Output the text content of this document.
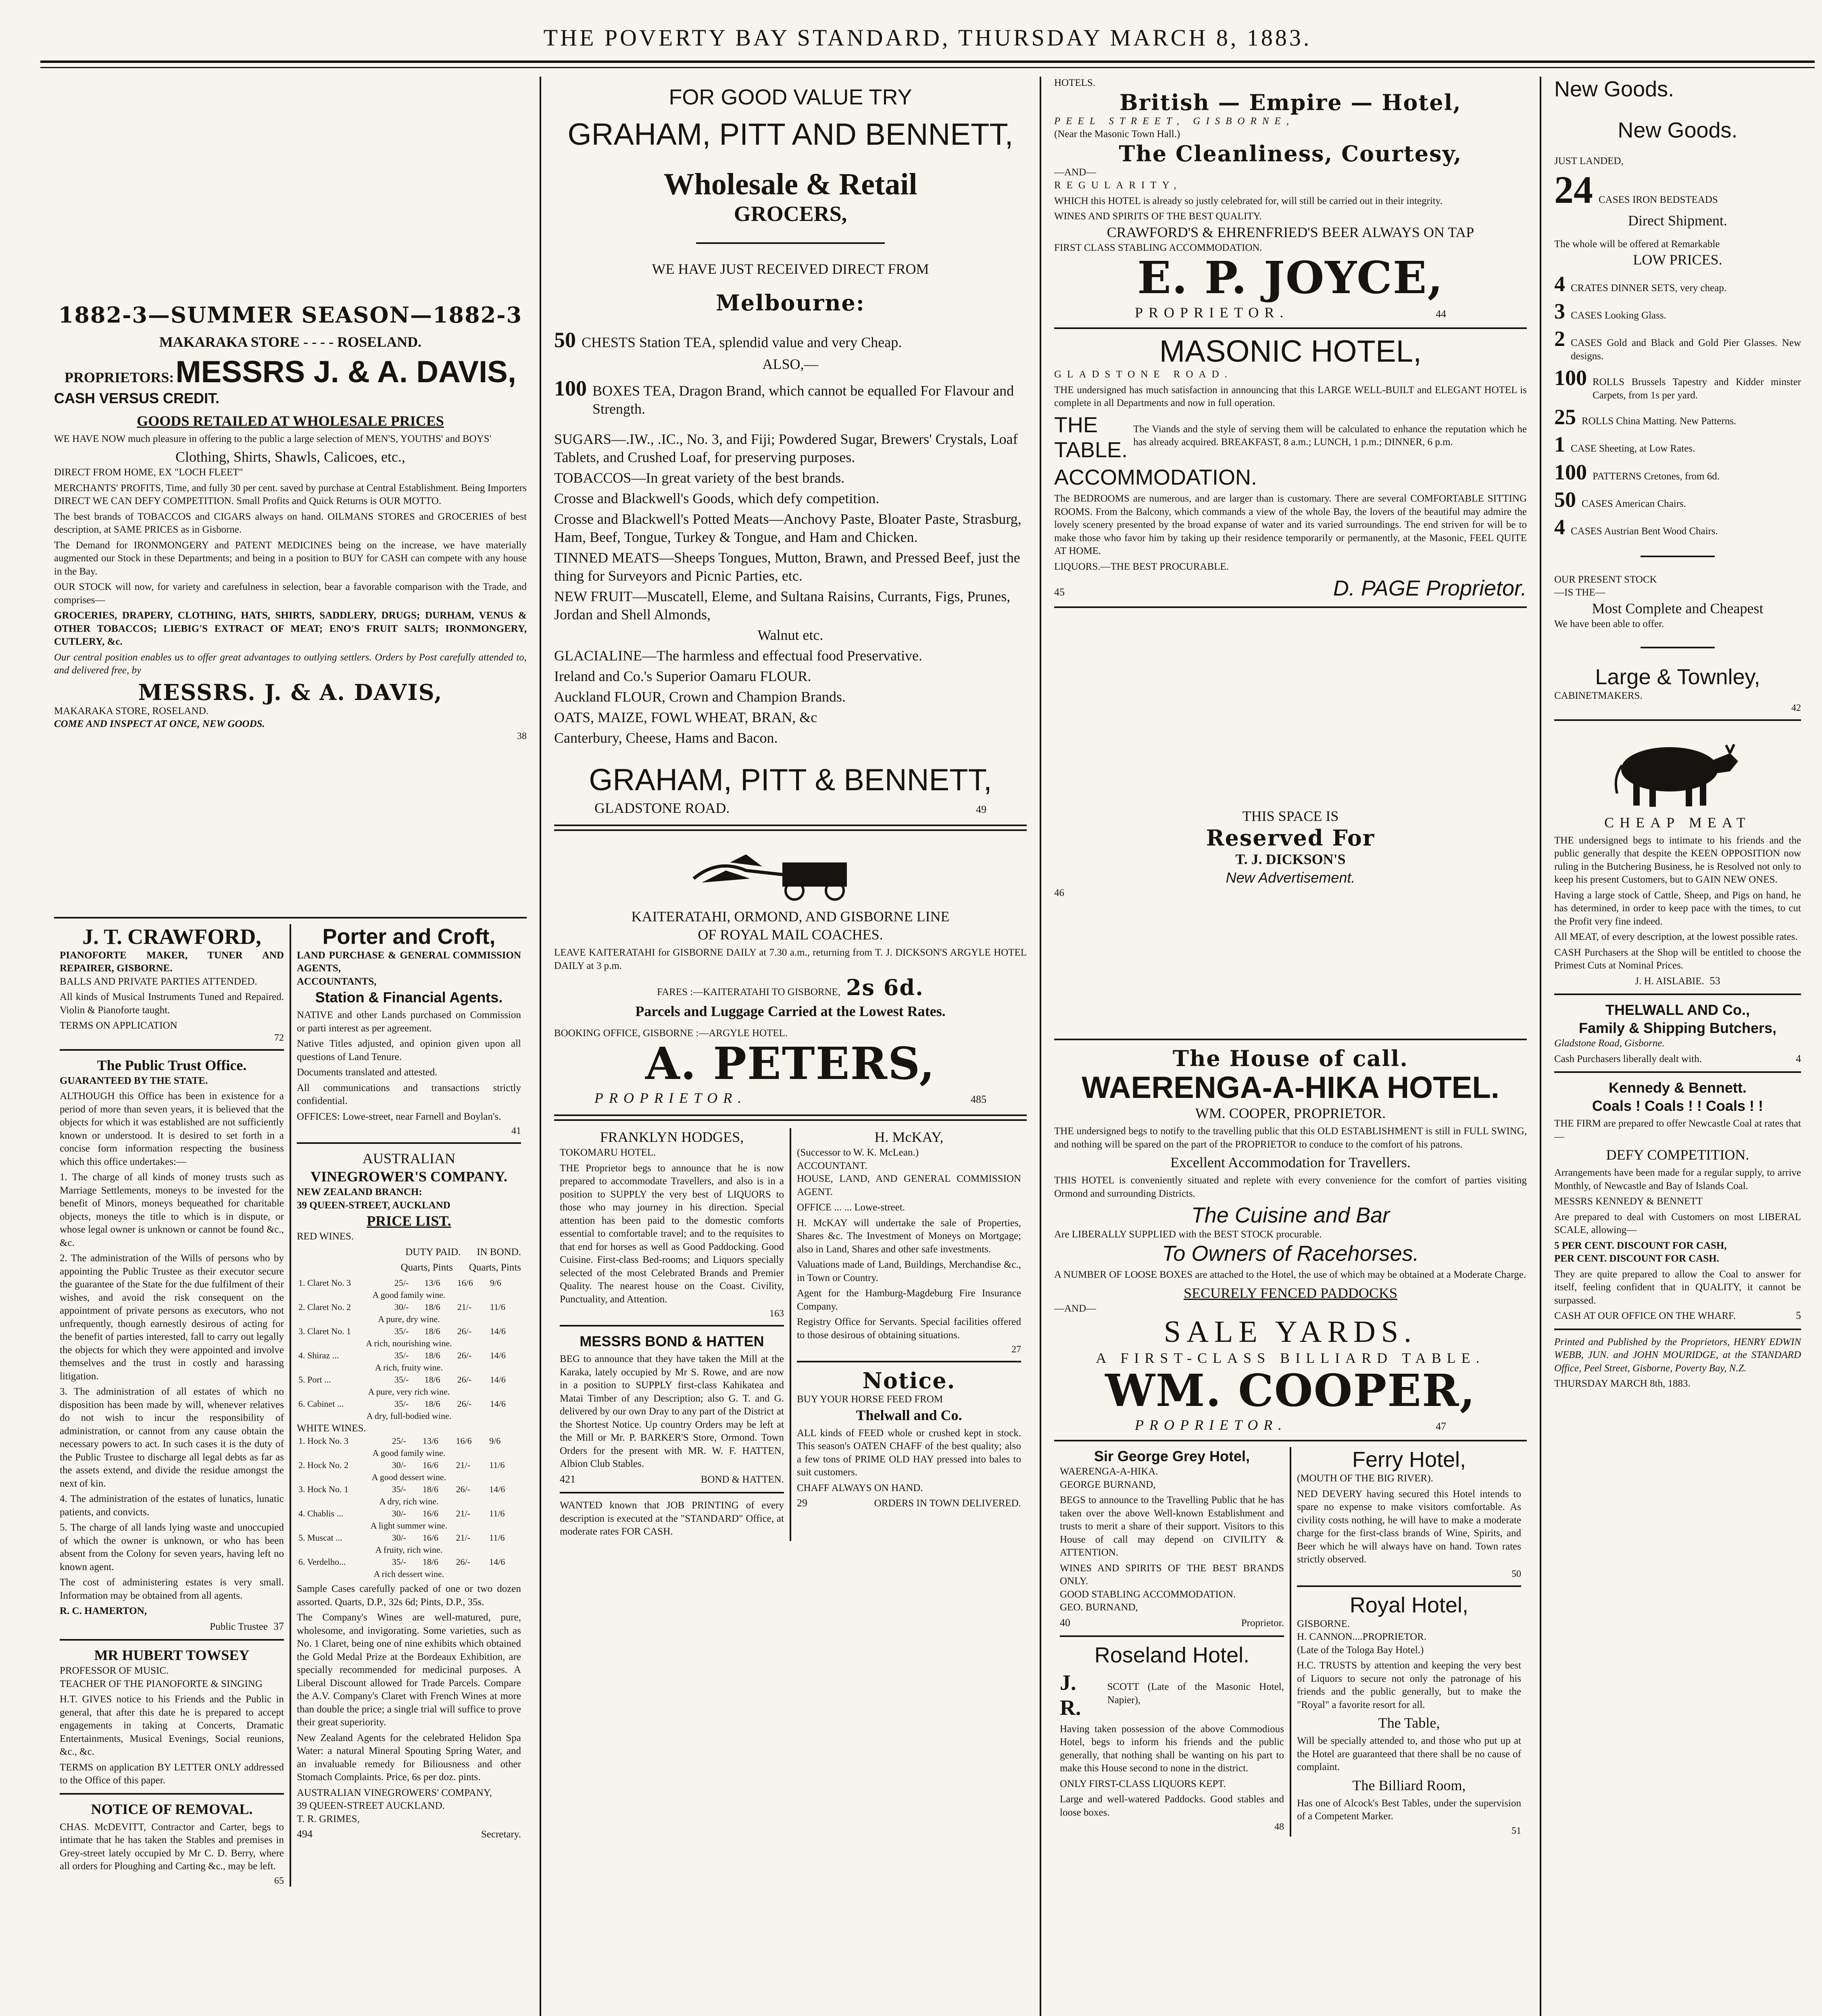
THE POVERTY BAY STANDARD, THURSDAY MARCH 8, 1883.
1882-3—SUMMER SEASON—1882-3
MAKARAKA STORE - - - - ROSELAND.
PROPRIETORS: MESSRS J. & A. DAVIS,
CASH VERSUS CREDIT.
GOODS RETAILED AT WHOLESALE PRICES

WE HAVE NOW much pleasure in offering to the public a large selection of MEN'S, YOUTHS' and BOYS'

Clothing, Shirts, Shawls, Calicoes, etc.,
DIRECT FROM HOME, EX "LOCH FLEET"

MERCHANTS' PROFITS, Time, and fully 30 per cent. saved by purchase at Central Establishment. Being Importers DIRECT WE CAN DEFY COMPETITION. Small Profits and Quick Returns is OUR MOTTO.

The best brands of TOBACCOS and CIGARS always on hand. OILMANS STORES and GROCERIES of best description, at SAME PRICES as in Gisborne.

The Demand for IRONMONGERY and PATENT MEDICINES being on the increase, we have materially augmented our Stock in these Departments; and being in a position to BUY for CASH can compete with any house in the Bay.

OUR STOCK will now, for variety and carefulness in selection, bear a favorable comparison with the Trade, and comprises—

GROCERIES, DRAPERY, CLOTHING, HATS, SHIRTS, SADDLERY, DRUGS; DURHAM, VENUS & OTHER TOBACCOS; LIEBIG'S EXTRACT OF MEAT; ENO'S FRUIT SALTS; IRONMONGERY, CUTLERY, &c.

Our central position enables us to offer great advantages to outlying settlers. Orders by Post carefully attended to, and delivered free, by

MESSRS. J. & A. DAVIS,
MAKARAKA STORE, ROSELAND.
COME AND INSPECT AT ONCE, NEW GOODS.
38
J. T. CRAWFORD,
PIANOFORTE MAKER, TUNER AND REPAIRER, GISBORNE.
BALLS AND PRIVATE PARTIES ATTENDED.

All kinds of Musical Instruments Tuned and Repaired. Violin & Pianoforte taught.

TERMS ON APPLICATION
72
The Public Trust Office.
GUARANTEED BY THE STATE.

ALTHOUGH this Office has been in existence for a period of more than seven years, it is believed that the objects for which it was established are not sufficiently known or understood. It is desired to set forth in a concise form information respecting the business which this office undertakes:—

1. The charge of all kinds of money trusts such as Marriage Settlements, moneys to be invested for the benefit of Minors, moneys bequeathed for charitable objects, moneys the title to which is in dispute, or whose legal owner is unknown or cannot be found &c., &c.

2. The administration of the Wills of persons who by appointing the Public Trustee as their executor secure the guarantee of the State for the due fulfilment of their wishes, and avoid the risk consequent on the appointment of private persons as executors, who not unfrequently, though earnestly desirous of acting for the benefit of parties interested, fall to carry out legally the objects for which they were appointed and involve themselves and the trust in costly and harassing litigation.

3. The administration of all estates of which no disposition has been made by will, whenever relatives do not wish to incur the responsibility of administration, or cannot from any cause obtain the necessary powers to act. In such cases it is the duty of the Public Trustee to discharge all legal debts as far as the assets extend, and divide the residue amongst the next of kin.

4. The administration of the estates of lunatics, lunatic patients, and convicts.

5. The charge of all lands lying waste and unoccupied of which the owner is unknown, or who has been absent from the Colony for seven years, having left no known agent.

The cost of administering estates is very small. Information may be obtained from all agents.

R. C. HAMERTON,
Public Trustee 37
MR HUBERT TOWSEY
PROFESSOR OF MUSIC.
TEACHER OF THE PIANOFORTE & SINGING

H.T. GIVES notice to his Friends and the Public in general, that after this date he is prepared to accept engagements in taking at Concerts, Dramatic Entertainments, Musical Evenings, Social reunions, &c., &c.

TERMS on application BY LETTER ONLY addressed to the Office of this paper.

NOTICE OF REMOVAL.

CHAS. McDEVITT, Contractor and Carter, begs to intimate that he has taken the Stables and premises in Grey-street lately occupied by Mr C. D. Berry, where all orders for Ploughing and Carting &c., may be left.

65
Porter and Croft,
LAND PURCHASE & GENERAL COMMISSION AGENTS,
ACCOUNTANTS,
Station & Financial Agents.

NATIVE and other Lands purchased on Commission or parti interest as per agreement.

Native Titles adjusted, and opinion given upon all questions of Land Tenure.

Documents translated and attested.

All communications and transactions strictly confidential.

OFFICES: Lowe-street, near Farnell and Boylan's.

41
AUSTRALIAN
VINEGROWER'S COMPANY.
NEW ZEALAND BRANCH:
39 QUEEN-STREET, AUCKLAND
PRICE LIST.
RED WINES.
DUTY PAID. IN BOND.
Quarts, Pints Quarts, Pints
1. Claret No. 3	25/-	13/6	16/6	9/6
A good family wine.				
2. Claret No. 2	30/-	18/6	21/-	11/6
A pure, dry wine.				
3. Claret No. 1	35/-	18/6	26/-	14/6
A rich, nourishing wine.				
4. Shiraz ...	35/-	18/6	26/-	14/6
A rich, fruity wine.				
5. Port ...	35/-	18/6	26/-	14/6
A pure, very rich wine.				
6. Cabinet ...	35/-	18/6	26/-	14/6
A dry, full-bodied wine.				
WHITE WINES.
1. Hock No. 3	25/-	13/6	16/6	9/6
A good family wine.				
2. Hock No. 2	30/-	16/6	21/-	11/6
A good dessert wine.				
3. Hock No. 1	35/-	18/6	26/-	14/6
A dry, rich wine.				
4. Chablis ...	30/-	16/6	21/-	11/6
A light summer wine.				
5. Muscat ...	30/-	16/6	21/-	11/6
A fruity, rich wine.				
6. Verdelho...	35/-	18/6	26/-	14/6
A rich dessert wine.				

Sample Cases carefully packed of one or two dozen assorted. Quarts, D.P., 32s 6d; Pints, D.P., 35s.

The Company's Wines are well-matured, pure, wholesome, and invigorating. Some varieties, such as No. 1 Claret, being one of nine exhibits which obtained the Gold Medal Prize at the Bordeaux Exhibition, are specially recommended for medicinal purposes. A Liberal Discount allowed for Trade Parcels. Compare the A.V. Company's Claret with French Wines at more than double the price; a single trial will suffice to prove their great superiority.

New Zealand Agents for the celebrated Helidon Spa Water: a natural Mineral Spouting Spring Water, and an invaluable remedy for Biliousness and other Stomach Complaints. Price, 6s per doz. pints.

AUSTRALIAN VINEGROWERS' COMPANY,
39 QUEEN-STREET AUCKLAND.
T. R. GRIMES,
494	Secretary.
FOR GOOD VALUE TRY
GRAHAM, PITT AND BENNETT,
Wholesale & Retail
GROCERS,
WE HAVE JUST RECEIVED DIRECT FROM
Melbourne:
50 CHESTS Station TEA, splendid value and very Cheap.
ALSO,—
100 BOXES TEA, Dragon Brand, which cannot be equalled For Flavour and Strength.

SUGARS—.IW., .IC., No. 3, and Fiji; Powdered Sugar, Brewers' Crystals, Loaf Tablets, and Crushed Loaf, for preserving purposes.

TOBACCOS—In great variety of the best brands.

Crosse and Blackwell's Goods, which defy competition.

Crosse and Blackwell's Potted Meats—Anchovy Paste, Bloater Paste, Strasburg, Ham, Beef, Tongue, Turkey & Tongue, and Ham and Chicken.

TINNED MEATS—Sheeps Tongues, Mutton, Brawn, and Pressed Beef, just the thing for Surveyors and Picnic Parties, etc.

NEW FRUIT—Muscatell, Eleme, and Sultana Raisins, Currants, Figs, Prunes, Jordan and Shell Almonds,

Walnut etc.

GLACIALINE—The harmless and effectual food Preservative.

Ireland and Co.'s Superior Oamaru FLOUR.

Auckland FLOUR, Crown and Champion Brands.

OATS, MAIZE, FOWL WHEAT, BRAN, &c

Canterbury, Cheese, Hams and Bacon.

GRAHAM, PITT & BENNETT,
GLADSTONE ROAD.	49
KAITERATAHI, ORMOND, AND GISBORNE LINE
OF ROYAL MAIL COACHES.

LEAVE KAITERATAHI for GISBORNE DAILY at 7.30 a.m., returning from T. J. DICKSON'S ARGYLE HOTEL DAILY at 3 p.m.

FARES :—KAITERATAHI TO GISBORNE, 2s 6d.
Parcels and Luggage Carried at the Lowest Rates.
BOOKING OFFICE, GISBORNE :—ARGYLE HOTEL.
A. PETERS,
PROPRIETOR.	485
FRANKLYN HODGES,
TOKOMARU HOTEL.

THE Proprietor begs to announce that he is now prepared to accommodate Travellers, and also is in a position to SUPPLY the very best of LIQUORS to those who may journey in his direction. Special attention has been paid to the domestic comforts essential to comfortable travel; and to the requisites to that end for horses as well as Good Paddocking. Good Cuisine. First-class Bed-rooms; and Liquors specially selected of the most Celebrated Brands and Premier Quality. The nearest house on the Coast. Civility, Punctuality, and Attention.

163
MESSRS BOND & HATTEN

BEG to announce that they have taken the Mill at the Karaka, lately occupied by Mr S. Rowe, and are now in a position to SUPPLY first-class Kahikatea and Matai Timber of any Description; also G. T. and G. delivered by our own Dray to any part of the District at the Shortest Notice. Up country Orders may be left at the Mill or Mr. P. BARKER'S Store, Ormond. Town Orders for the present with MR. W. F. HATTEN, Albion Club Stables.

421	BOND & HATTEN.

WANTED known that JOB PRINTING of every description is executed at the "STANDARD" Office, at moderate rates FOR CASH.

H. McKAY,
(Successor to W. K. McLean.)
ACCOUNTANT.
HOUSE, LAND, AND GENERAL COMMISSION AGENT.

OFFICE ... ... Lowe-street.

H. McKAY will undertake the sale of Properties, Shares &c. The Investment of Moneys on Mortgage; also in Land, Shares and other safe investments.

Valuations made of Land, Buildings, Merchandise &c., in Town or Country.

Agent for the Hamburg-Magdeburg Fire Insurance Company.

Registry Office for Servants. Special facilities offered to those desirous of obtaining situations.

27
Notice.
BUY YOUR HORSE FEED FROM
Thelwall and Co.

ALL kinds of FEED whole or crushed kept in stock. This season's OATEN CHAFF of the best quality; also a few tons of PRIME OLD HAY pressed into bales to suit customers.

CHAFF ALWAYS ON HAND.
29	ORDERS IN TOWN DELIVERED.
HOTELS.
British — Empire — Hotel,
PEEL STREET, GISBORNE,
(Near the Masonic Town Hall.)
The Cleanliness, Courtesy,
—AND—
REGULARITY,

WHICH this HOTEL is already so justly celebrated for, will still be carried out in their integrity.

WINES AND SPIRITS OF THE BEST QUALITY.
CRAWFORD'S & EHRENFRIED'S BEER ALWAYS ON TAP
FIRST CLASS STABLING ACCOMMODATION.
E. P. JOYCE,
PROPRIETOR.	44
MASONIC HOTEL,
GLADSTONE ROAD.

THE undersigned has much satisfaction in announcing that this LARGE WELL-BUILT and ELEGANT HOTEL is complete in all Departments and now in full operation.

THE TABLE.
The Viands and the style of serving them will be calculated to enhance the reputation which he has already acquired. BREAKFAST, 8 a.m.; LUNCH, 1 p.m.; DINNER, 6 p.m.
ACCOMMODATION.

The BEDROOMS are numerous, and are larger than is customary. There are several COMFORTABLE SITTING ROOMS. From the Balcony, which commands a view of the whole Bay, the lovers of the beautiful may admire the lovely scenery presented by the broad expanse of water and its varied surroundings. The end striven for will be to make those who favor him by taking up their residence temporarily or permanently, at the Masonic, FEEL QUITE AT HOME.

LIQUORS.—THE BEST PROCURABLE.
45	D. PAGE Proprietor.
THIS SPACE IS
Reserved For
T. J. DICKSON'S
New Advertisement.
46
The House of call.
WAERENGA-A-HIKA HOTEL.
WM. COOPER, PROPRIETOR.

THE undersigned begs to notify to the travelling public that this OLD ESTABLISHMENT is still in FULL SWING, and nothing will be spared on the part of the PROPRIETOR to conduce to the comfort of his patrons.

Excellent Accommodation for Travellers.

THIS HOTEL is conveniently situated and replete with every convenience for the comfort of parties visiting Ormond and surrounding Districts.

The Cuisine and Bar
Are LIBERALLY SUPPLIED with the BEST STOCK procurable.
To Owners of Racehorses.

A NUMBER OF LOOSE BOXES are attached to the Hotel, the use of which may be obtained at a Moderate Charge.

SECURELY FENCED PADDOCKS
—AND—
SALE YARDS.
A FIRST-CLASS BILLIARD TABLE.
WM. COOPER,
PROPRIETOR.	47
Sir George Grey Hotel,
WAERENGA-A-HIKA.
GEORGE BURNAND,

BEGS to announce to the Travelling Public that he has taken over the above Well-known Establishment and trusts to merit a share of their support. Visitors to this House of call may depend on CIVILITY & ATTENTION.

WINES AND SPIRITS OF THE BEST BRANDS ONLY.
GOOD STABLING ACCOMMODATION.
GEO. BURNAND,
40	Proprietor.
Roseland Hotel.
J. R.
SCOTT (Late of the Masonic Hotel, Napier),

Having taken possession of the above Commodious Hotel, begs to inform his friends and the public generally, that nothing shall be wanting on his part to make this House second to none in the district.

ONLY FIRST-CLASS LIQUORS KEPT.

Large and well-watered Paddocks. Good stables and loose boxes.

48
Ferry Hotel,
(MOUTH OF THE BIG RIVER).

NED DEVERY having secured this Hotel intends to spare no expense to make visitors comfortable. As civility costs nothing, he will have to make a moderate charge for the first-class brands of Wine, Spirits, and Beer which he will always have on hand. Town rates strictly observed.

50
Royal Hotel,
GISBORNE.
H. CANNON....PROPRIETOR.
(Late of the Tologa Bay Hotel.)

H.C. TRUSTS by attention and keeping the very best of Liquors to secure not only the patronage of his friends and the public generally, but to make the "Royal" a favorite resort for all.

The Table,

Will be specially attended to, and those who put up at the Hotel are guaranteed that there shall be no cause of complaint.

The Billiard Room,

Has one of Alcock's Best Tables, under the supervision of a Competent Marker.

51
New Goods.
New Goods.
JUST LANDED,
24 CASES IRON BEDSTEADS
Direct Shipment.
The whole will be offered at Remarkable
LOW PRICES.
4 CRATES DINNER SETS, very cheap.
3 CASES Looking Glass.
2 CASES Gold and Black and Gold Pier Glasses. New designs.
100 ROLLS Brussels Tapestry and Kidder minster Carpets, from 1s per yard.
25 ROLLS China Matting. New Patterns.
1 CASE Sheeting, at Low Rates.
100 PATTERNS Cretones, from 6d.
50 CASES American Chairs.
4 CASES Austrian Bent Wood Chairs.
OUR PRESENT STOCK
—IS THE—
Most Complete and Cheapest
We have been able to offer.
Large & Townley,
CABINETMAKERS.
42
CHEAP MEAT

THE undersigned begs to intimate to his friends and the public generally that despite the KEEN OPPOSITION now ruling in the Butchering Business, he is Resolved not only to keep his present Customers, but to GAIN NEW ONES.

Having a large stock of Cattle, Sheep, and Pigs on hand, he has determined, in order to keep pace with the times, to cut the Profit very fine indeed.

All MEAT, of every description, at the lowest possible rates.

CASH Purchasers at the Shop will be entitled to choose the Primest Cuts at Nominal Prices.

J. H. AISLABIE. 53
THELWALL AND Co.,
Family & Shipping Butchers,
Gladstone Road, Gisborne.
Cash Purchasers liberally dealt with.	4
Kennedy & Bennett.
Coals ! Coals ! ! Coals ! !

THE FIRM are prepared to offer Newcastle Coal at rates that—

DEFY COMPETITION.

Arrangements have been made for a regular supply, to arrive Monthly, of Newcastle and Bay of Islands Coal.

MESSRS KENNEDY & BENNETT

Are prepared to deal with Customers on most LIBERAL SCALE, allowing—

5 PER CENT. DISCOUNT FOR CASH,
PER CENT. DISCOUNT FOR CASH.

They are quite prepared to allow the Coal to answer for itself, feeling confident that in QUALITY, it cannot be surpassed.

CASH AT OUR OFFICE ON THE WHARF.	5

Printed and Published by the Proprietors, HENRY EDWIN WEBB, JUN. and JOHN MOURIDGE, at the STANDARD Office, Peel Street, Gisborne, Poverty Bay, N.Z.

THURSDAY MARCH 8th, 1883.
